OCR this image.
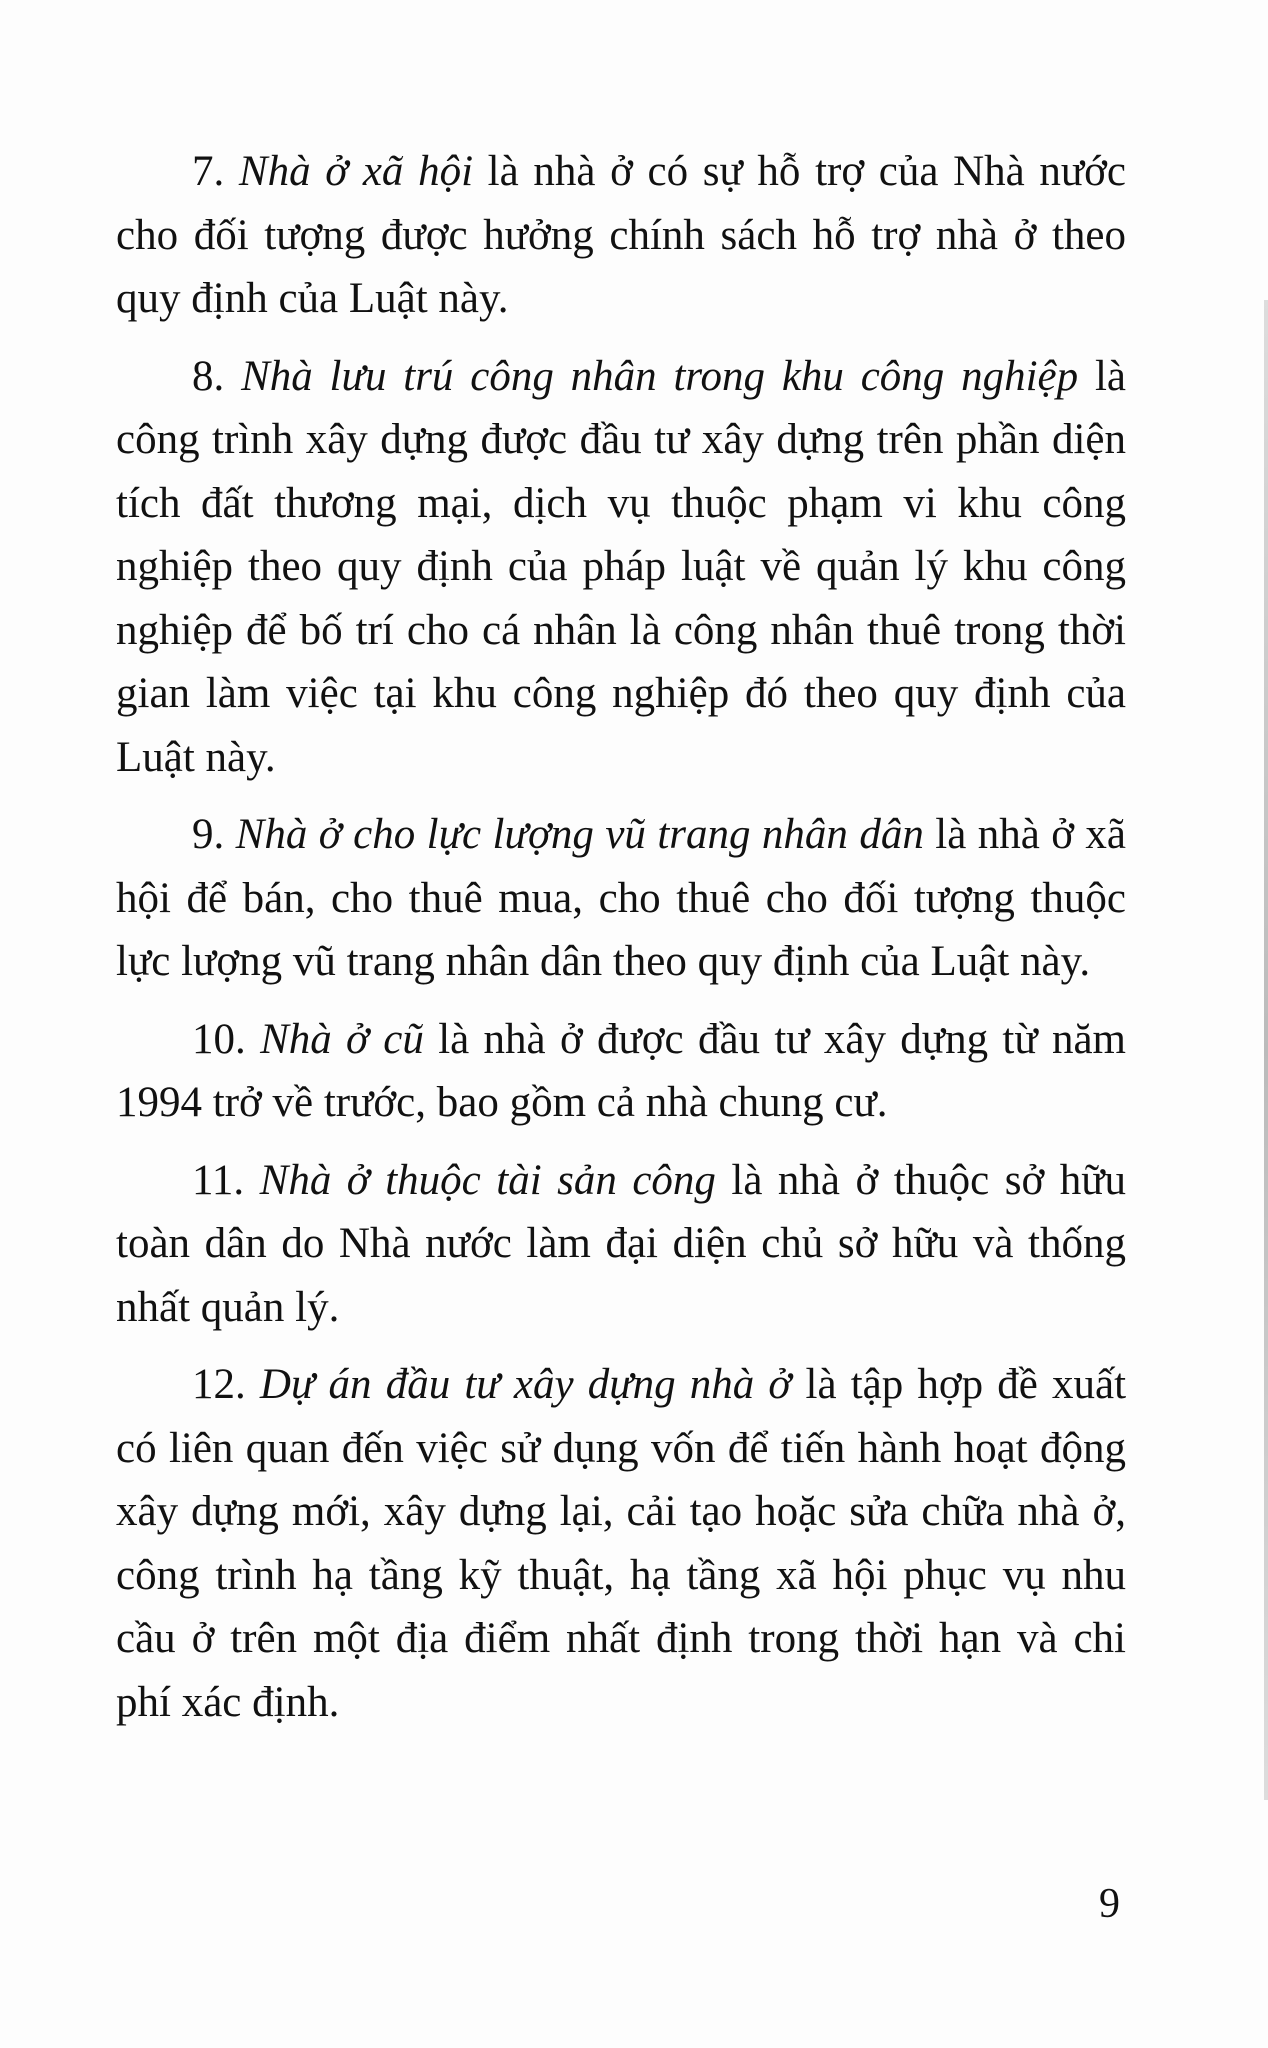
7. Nhà ở xã hội là nhà ở có sự hỗ trợ của Nhà nước cho đối tượng được hưởng chính sách hỗ trợ nhà ở theo quy định của Luật này.

8. Nhà lưu trú công nhân trong khu công nghiệp là công trình xây dựng được đầu tư xây dựng trên phần diện tích đất thương mại, dịch vụ thuộc phạm vi khu công nghiệp theo quy định của pháp luật về quản lý khu công nghiệp để bố trí cho cá nhân là công nhân thuê trong thời gian làm việc tại khu công nghiệp đó theo quy định của Luật này.

9. Nhà ở cho lực lượng vũ trang nhân dân là nhà ở xã hội để bán, cho thuê mua, cho thuê cho đối tượng thuộc lực lượng vũ trang nhân dân theo quy định của Luật này.

10. Nhà ở cũ là nhà ở được đầu tư xây dựng từ năm 1994 trở về trước, bao gồm cả nhà chung cư.

11. Nhà ở thuộc tài sản công là nhà ở thuộc sở hữu toàn dân do Nhà nước làm đại diện chủ sở hữu và thống nhất quản lý.

12. Dự án đầu tư xây dựng nhà ở là tập hợp đề xuất có liên quan đến việc sử dụng vốn để tiến hành hoạt động xây dựng mới, xây dựng lại, cải tạo hoặc sửa chữa nhà ở, công trình hạ tầng kỹ thuật, hạ tầng xã hội phục vụ nhu cầu ở trên một địa điểm nhất định trong thời hạn và chi phí xác định.

9
